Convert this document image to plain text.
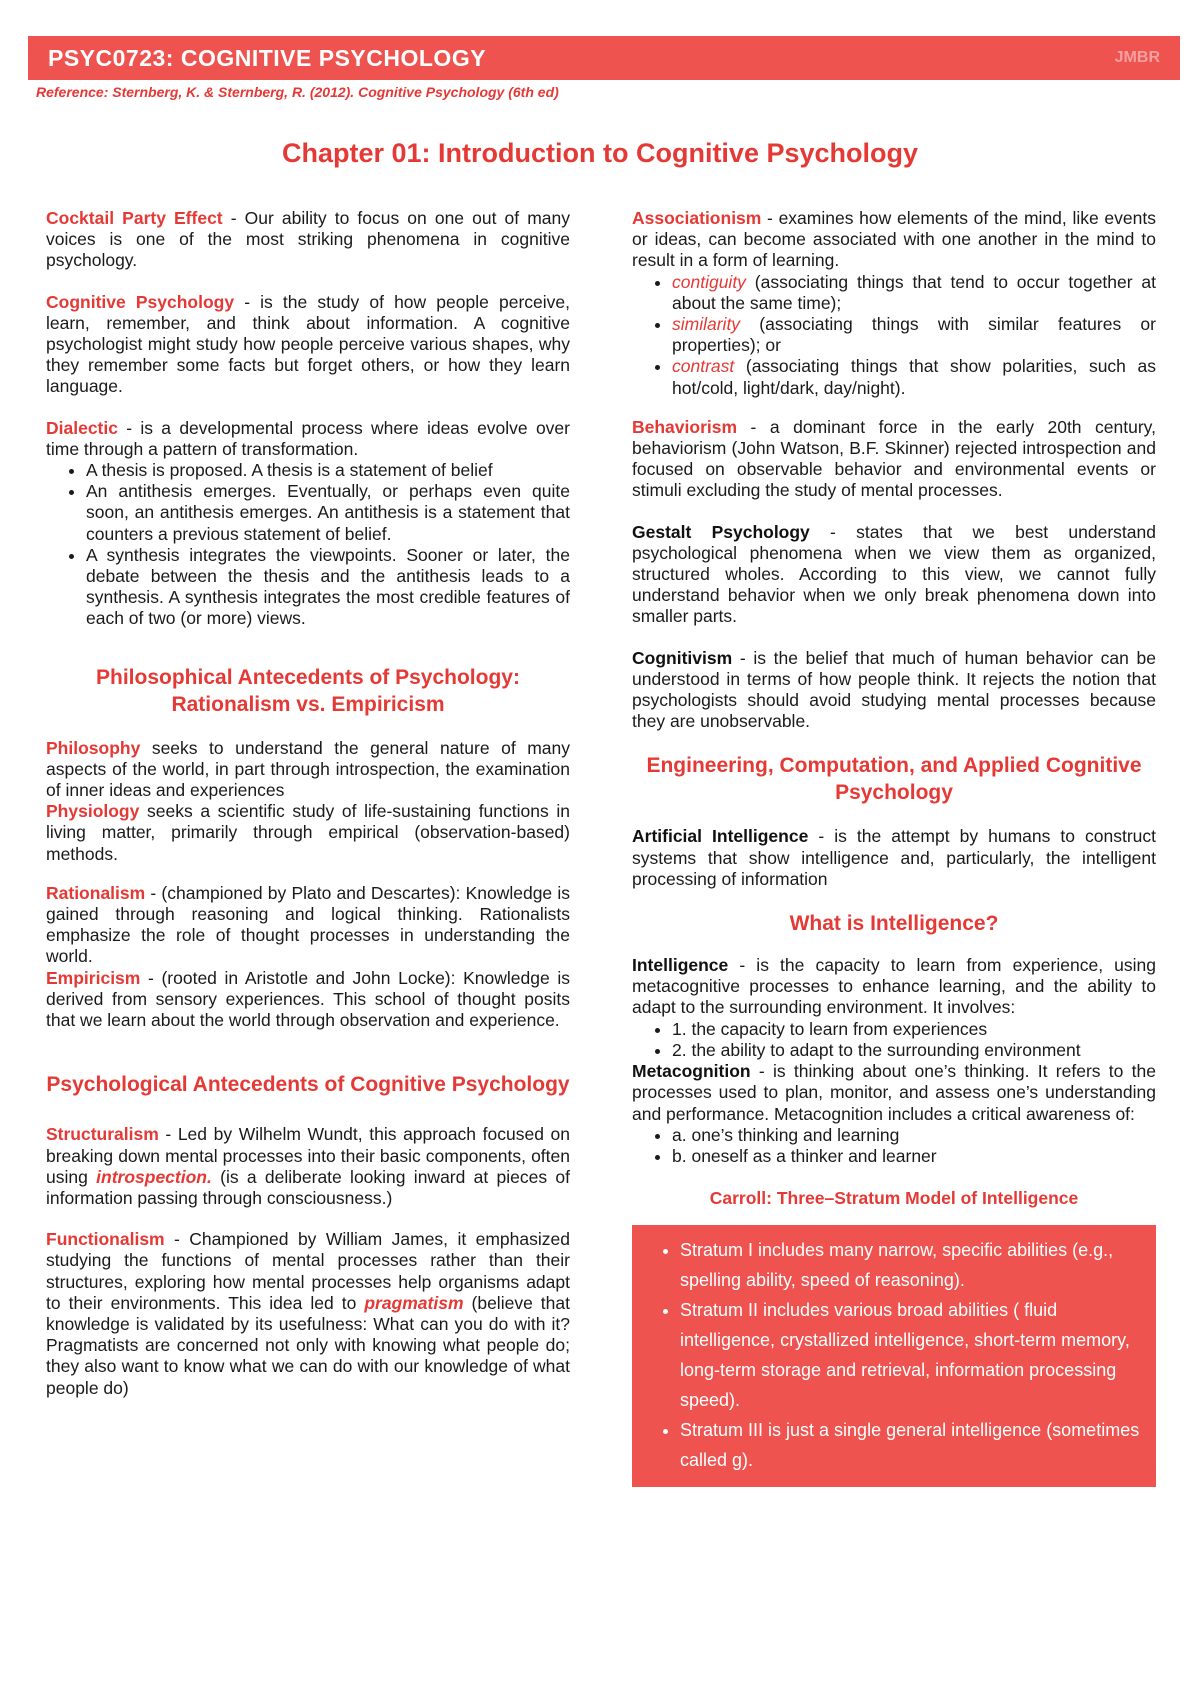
PSYC0723: COGNITIVE PSYCHOLOGY	JMBR
Reference: Sternberg, K. & Sternberg, R. (2012). Cognitive Psychology (6th ed)
Chapter 01: Introduction to Cognitive Psychology

Cocktail Party Effect - Our ability to focus on one out of many voices is one of the most striking phenomena in cognitive psychology.

Cognitive Psychology - is the study of how people perceive, learn, remember, and think about information. A cognitive psychologist might study how people perceive various shapes, why they remember some facts but forget others, or how they learn language.

Dialectic - is a developmental process where ideas evolve over time through a pattern of transformation.

• A thesis is proposed. A thesis is a statement of belief
• An antithesis emerges. Eventually, or perhaps even quite soon, an antithesis emerges. An antithesis is a statement that counters a previous statement of belief.
• A synthesis integrates the viewpoints. Sooner or later, the debate between the thesis and the antithesis leads to a synthesis. A synthesis integrates the most credible features of each of two (or more) views.
Philosophical Antecedents of Psychology: Rationalism vs. Empiricism

Philosophy seeks to understand the general nature of many aspects of the world, in part through introspection, the examination of inner ideas and experiences

Physiology seeks a scientific study of life-sustaining functions in living matter, primarily through empirical (observation-based) methods.

Rationalism - (championed by Plato and Descartes): Knowledge is gained through reasoning and logical thinking. Rationalists emphasize the role of thought processes in understanding the world.

Empiricism - (rooted in Aristotle and John Locke): Knowledge is derived from sensory experiences. This school of thought posits that we learn about the world through observation and experience.

Psychological Antecedents of Cognitive Psychology

Structuralism - Led by Wilhelm Wundt, this approach focused on breaking down mental processes into their basic components, often using introspection. (is a deliberate looking inward at pieces of information passing through consciousness.)

Functionalism - Championed by William James, it emphasized studying the functions of mental processes rather than their structures, exploring how mental processes help organisms adapt to their environments. This idea led to pragmatism (believe that knowledge is validated by its usefulness: What can you do with it? Pragmatists are concerned not only with knowing what people do; they also want to know what we can do with our knowledge of what people do)

Associationism - examines how elements of the mind, like events or ideas, can become associated with one another in the mind to result in a form of learning.

• contiguity (associating things that tend to occur together at about the same time);
• similarity (associating things with similar features or properties); or
• contrast (associating things that show polarities, such as hot/cold, light/dark, day/night).

Behaviorism - a dominant force in the early 20th century, behaviorism (John Watson, B.F. Skinner) rejected introspection and focused on observable behavior and environmental events or stimuli excluding the study of mental processes.

Gestalt Psychology - states that we best understand psychological phenomena when we view them as organized, structured wholes. According to this view, we cannot fully understand behavior when we only break phenomena down into smaller parts.

Cognitivism - is the belief that much of human behavior can be understood in terms of how people think. It rejects the notion that psychologists should avoid studying mental processes because they are unobservable.

Engineering, Computation, and Applied Cognitive Psychology

Artificial Intelligence - is the attempt by humans to construct systems that show intelligence and, particularly, the intelligent processing of information

What is Intelligence?

Intelligence - is the capacity to learn from experience, using metacognitive processes to enhance learning, and the ability to adapt to the surrounding environment. It involves:

• 1. the capacity to learn from experiences
• 2. the ability to adapt to the surrounding environment

Metacognition - is thinking about one’s thinking. It refers to the processes used to plan, monitor, and assess one’s understanding and performance. Metacognition includes a critical awareness of:

• a. one’s thinking and learning
• b. oneself as a thinker and learner
Carroll: Three–Stratum Model of Intelligence
• Stratum I includes many narrow, specific abilities (e.g., spelling ability, speed of reasoning).
• Stratum II includes various broad abilities ( fluid intelligence, crystallized intelligence, short-term memory, long-term storage and retrieval, information processing speed).
• Stratum III is just a single general intelligence (sometimes called g).
